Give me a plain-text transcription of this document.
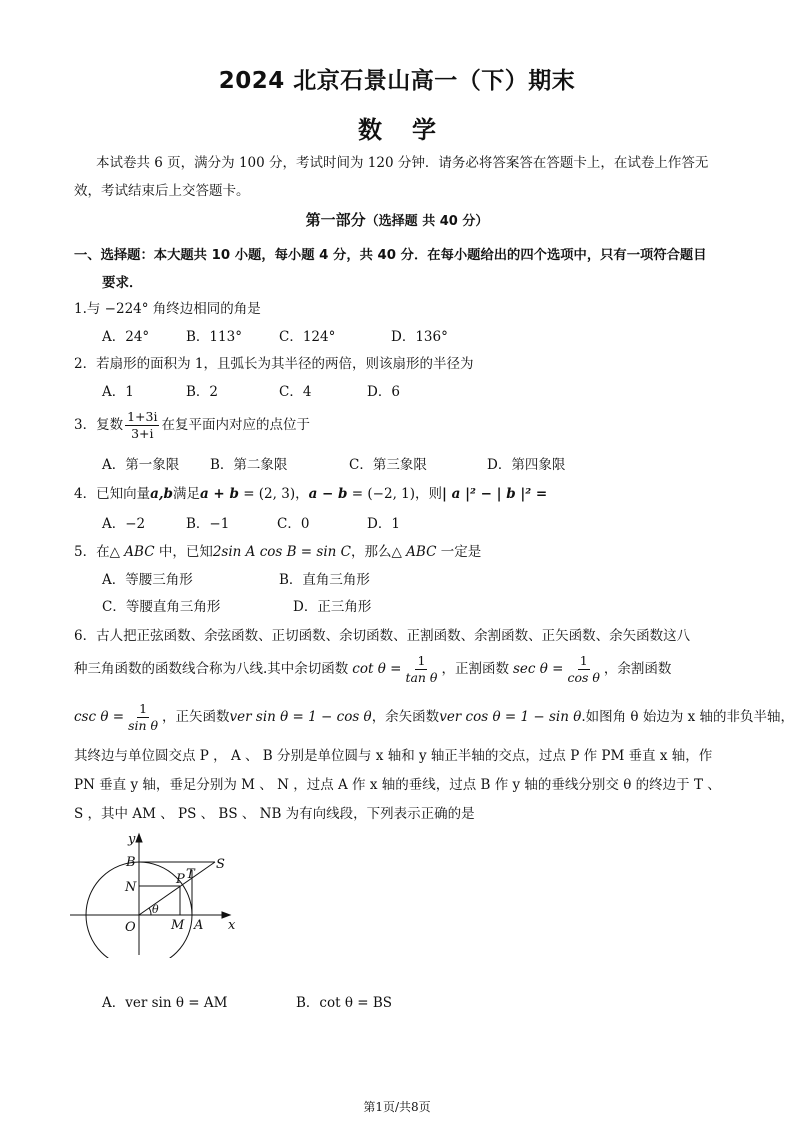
2024 北京石景山高一（下）期末
数学
本试卷共 6 页，满分为 100 分，考试时间为 120 分钟．请务必将答案答在答题卡上，在试卷上作答无
效，考试结束后上交答题卡。
第一部分（选择题 共 40 分）
一、选择题：本大题共 10 小题，每小题 4 分，共 40 分．在每小题给出的四个选项中，只有一项符合题目
要求．
1.与 −224° 角终边相同的角是
A．24°	B．113°	C．124°	D．136°
2．若扇形的面积为 1，且弧长为其半径的两倍，则该扇形的半径为
A．1	B．2	C．4	D．6
3．复数 $\frac{1+3i}{3+i}$ 在复平面内对应的点位于
A．第一象限 B．第二象限	C．第三象限	D．第四象限
4．已知向量a,b满足a + b = (2, 3)，a − b = (−2, 1)，则| a |² − | b |² =
A．−2	B．−1	C．0	D．1
5．在△ ABC 中，已知2sin A cos B = sin C，那么△ ABC 一定是
A．等腰三角形	B．直角三角形
C．等腰直角三角形	D．正三角形
6．古人把正弦函数、余弦函数、正切函数、余切函数、正割函数、余割函数、正矢函数、余矢函数这八
种三角函数的函数线合称为八线.其中余切函数 $\cot \theta = \frac{1}{\text{tan θ}}$ ，正割函数 $\sec \theta = \frac{1}{\text{cos θ}}$ ，余割函数
$\csc \theta = \frac{1}{\text{sin θ}}$ ，正矢函数 ver sin θ = 1 − cos θ ，余矢函数 ver cos θ = 1 − sin θ .如图角 θ 始边为 x 轴的非负半轴，
其终边与单位圆交点 P ， A 、 B 分别是单位圆与 x 轴和 y 轴正半轴的交点，过点 P 作 PM 垂直 x 轴，作
PN 垂直 y 轴，垂足分别为 M 、 N ，过点 A 作 x 轴的垂线，过点 B 作 y 轴的垂线分别交 θ 的终边于 T 、
S ，其中 AM 、 PS 、 BS 、 NB 为有向线段，下列表示正确的是
y
x
B	S
N
P T
O	M A
θ
A．ver sin θ = AM	B．cot θ = BS
第1页/共8页
